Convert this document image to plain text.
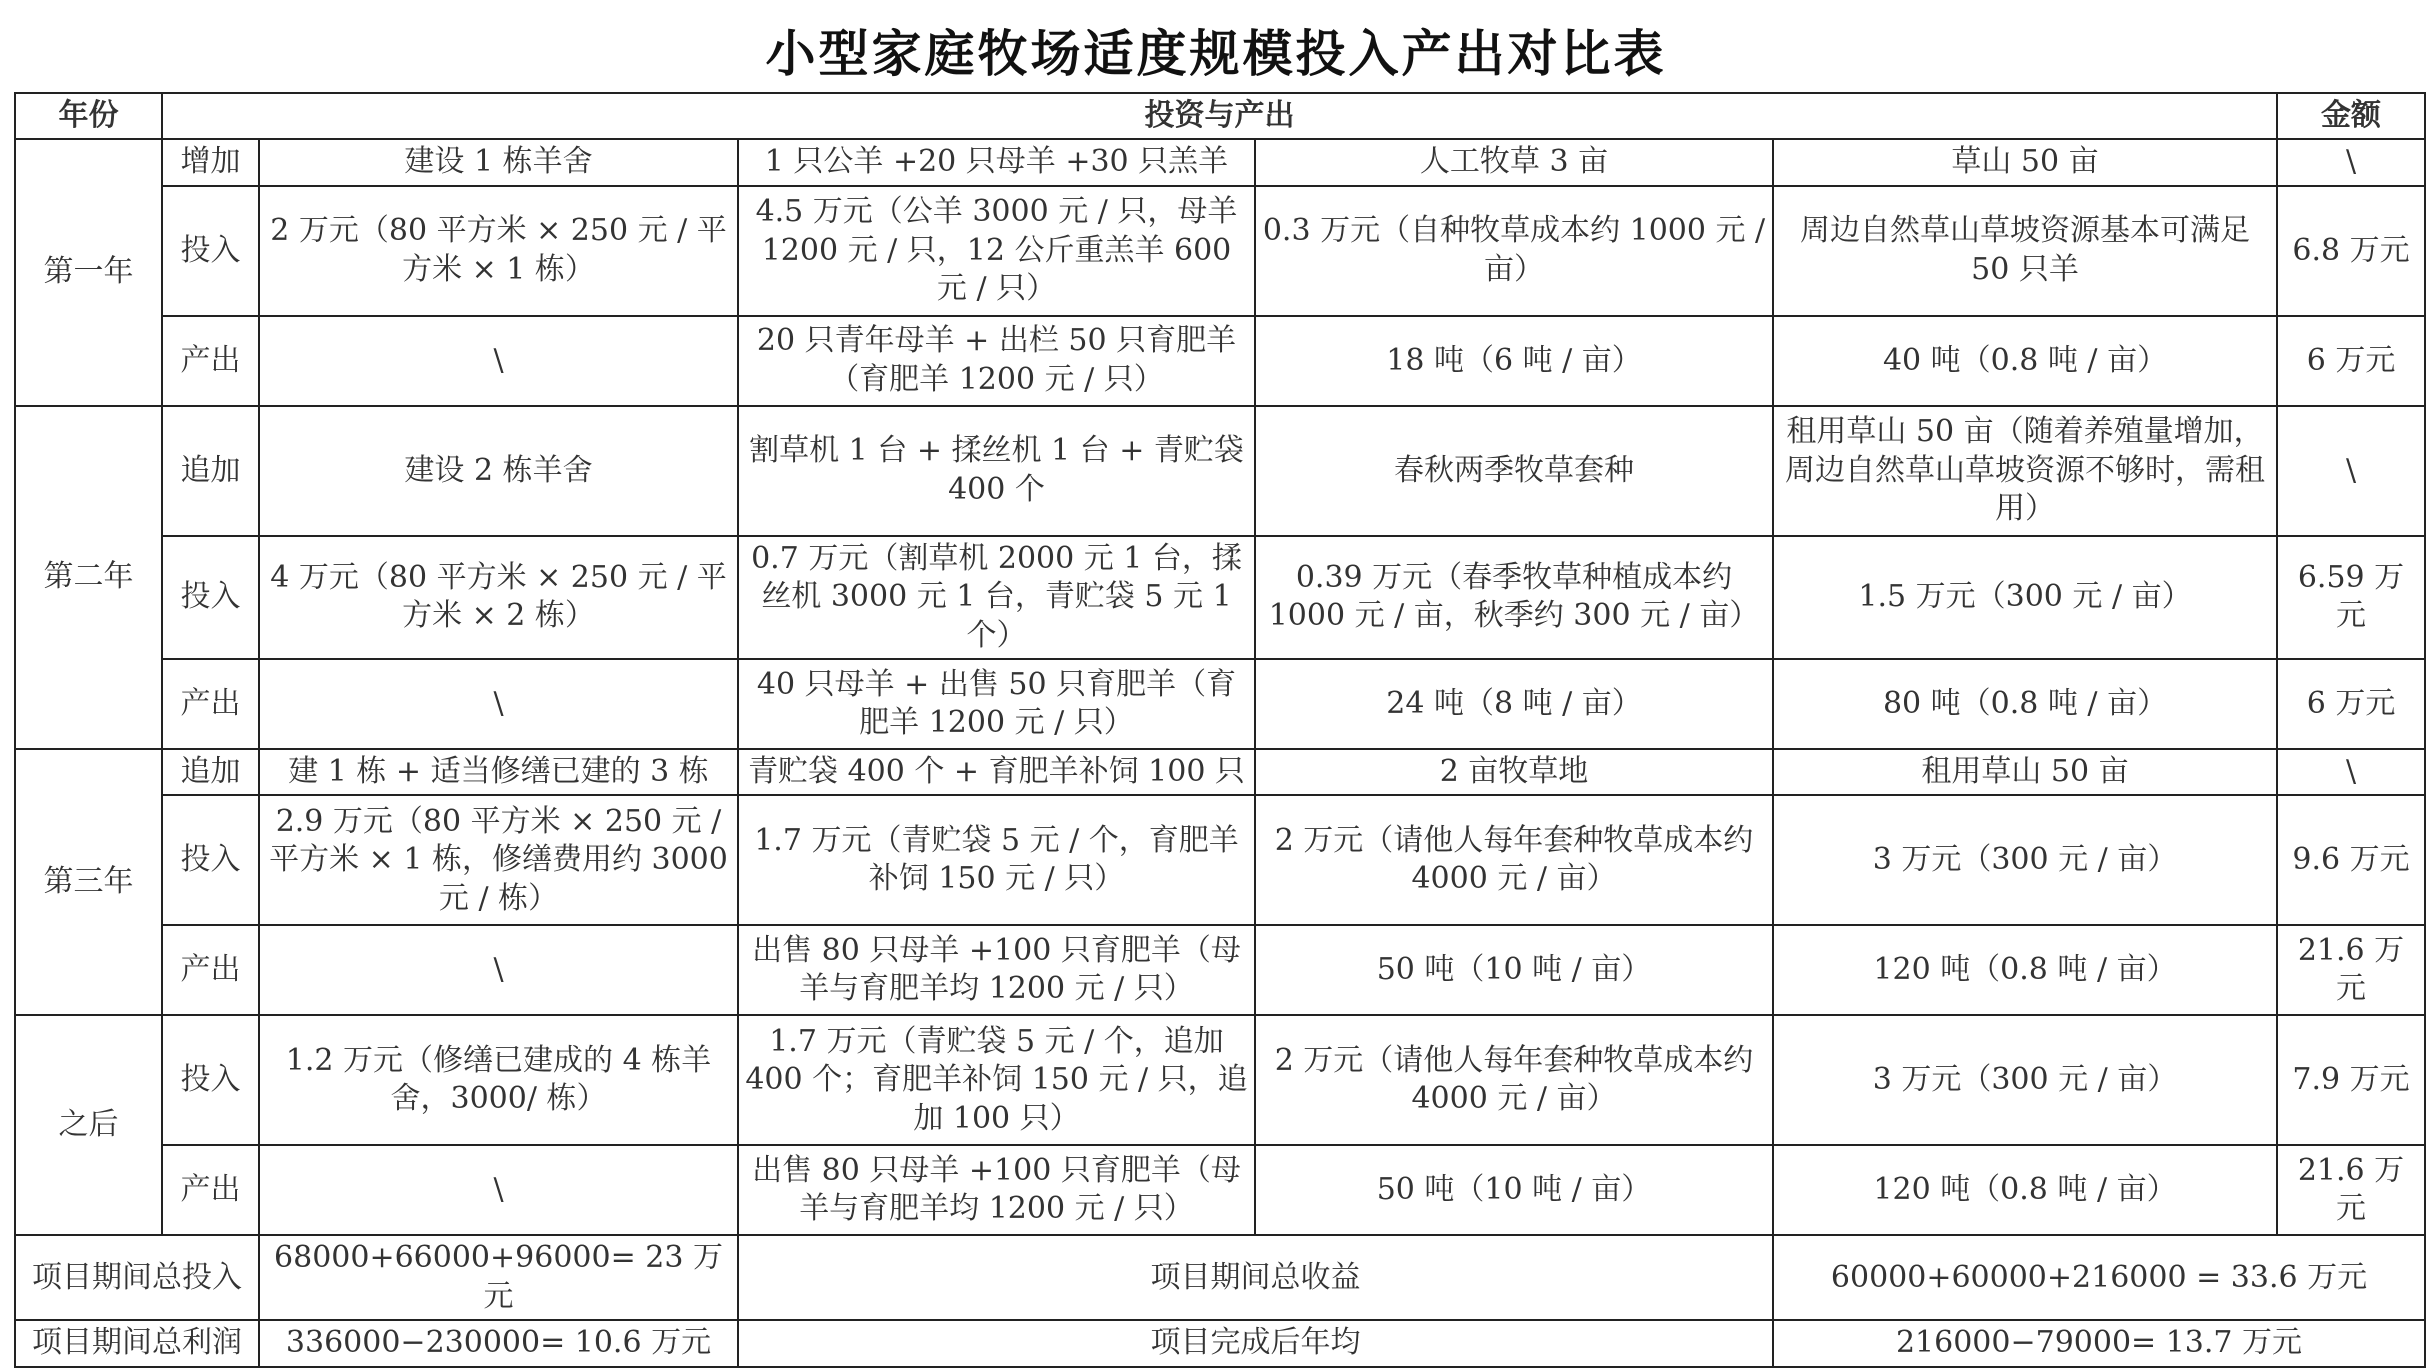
小型家庭牧场适度规模投入产出对比表
年份	投资与产出					金额
第一年	增加	建设 1 栋羊舍	1 只公羊 +20 只母羊 +30 只羔羊	人工牧草 3 亩	草山 50 亩	\
	投入	2 万元（80 平方米 × 250 元 / 平方米 × 1 栋）	4.5 万元（公羊 3000 元 / 只，母羊 1200 元 / 只，12 公斤重羔羊 600 元 / 只）	0.3 万元（自种牧草成本约 1000 元 / 亩）	周边自然草山草坡资源基本可满足 50 只羊	6.8 万元
	产出	\	20 只青年母羊 + 出栏 50 只育肥羊（育肥羊 1200 元 / 只）	18 吨（6 吨 / 亩）	40 吨（0.8 吨 / 亩）	6 万元
第二年	追加	建设 2 栋羊舍	割草机 1 台 + 揉丝机 1 台 + 青贮袋 400 个	春秋两季牧草套种	租用草山 50 亩（随着养殖量增加，周边自然草山草坡资源不够时，需租用）	\
	投入	4 万元（80 平方米 × 250 元 / 平方米 × 2 栋）	0.7 万元（割草机 2000 元 1 台，揉丝机 3000 元 1 台，青贮袋 5 元 1 个）	0.39 万元（春季牧草种植成本约 1000 元 / 亩，秋季约 300 元 / 亩）	1.5 万元（300 元 / 亩）	6.59 万元
	产出	\	40 只母羊 + 出售 50 只育肥羊（育肥羊 1200 元 / 只）	24 吨（8 吨 / 亩）	80 吨（0.8 吨 / 亩）	6 万元
第三年	追加	建 1 栋 + 适当修缮已建的 3 栋	青贮袋 400 个 + 育肥羊补饲 100 只	2 亩牧草地	租用草山 50 亩	\
	投入	2.9 万元（80 平方米 × 250 元 / 平方米 × 1 栋，修缮费用约 3000 元 / 栋）	1.7 万元（青贮袋 5 元 / 个，育肥羊补饲 150 元 / 只）	2 万元（请他人每年套种牧草成本约 4000 元 / 亩）	3 万元（300 元 / 亩）	9.6 万元
	产出	\	出售 80 只母羊 +100 只育肥羊（母羊与育肥羊均 1200 元 / 只）	50 吨（10 吨 / 亩）	120 吨（0.8 吨 / 亩）	21.6 万元
之后	投入	1.2 万元（修缮已建成的 4 栋羊舍，3000/ 栋）	1.7 万元（青贮袋 5 元 / 个，追加 400 个；育肥羊补饲 150 元 / 只，追加 100 只）	2 万元（请他人每年套种牧草成本约 4000 元 / 亩）	3 万元（300 元 / 亩）	7.9 万元
	产出	\	出售 80 只母羊 +100 只育肥羊（母羊与育肥羊均 1200 元 / 只）	50 吨（10 吨 / 亩）	120 吨（0.8 吨 / 亩）	21.6 万元
项目期间总投入		68000+66000+96000= 23 万元	项目期间总收益		60000+60000+216000 = 33.6 万元	
项目期间总利润		336000−230000= 10.6 万元	项目完成后年均		216000−79000= 13.7 万元	
